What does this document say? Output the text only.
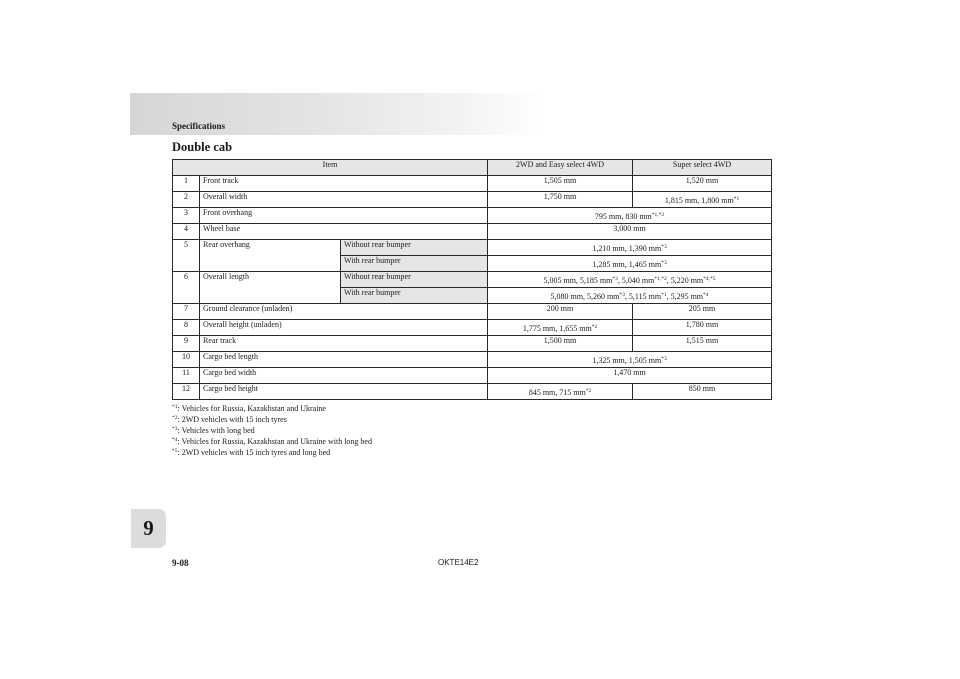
Specifications
Double cab
Item			2WD and Easy select 4WD	Super select 4WD
1	Front track		1,505 mm	1,520 mm
2	Overall width		1,750 mm	1,815 mm, 1,800 $mm^{*1}$
3	Front overhang		795 mm, 830 $mm^{*1,*2}$
4	Wheel base		3,000 mm	
5	Rear overhang	Without rear bumper	1,210 mm, 1,390 $mm^{*3}$
		With rear bumper	1,285 mm, 1,465 $mm^{*3}$
6	Overall length	Without rear bumper	5,005 mm, 5,185 $mm^{*3}$, 5,040 $mm^{*1,*2}$, 5,220 $mm^{*4,*5}$
		With rear bumper	5,080 mm, 5,260 $mm^{*3}$, 5,115 $mm^{*1}$, 5,295 $mm^{*4}$
7	Ground clearance (unladen)		200 mm	205 mm
8	Overall height (unladen)		1,775 mm, 1,655 $mm^{*2}$	1,780 mm
9	Rear track		1,500 mm	1,515 mm
10	Cargo bed length		1,325 mm, 1,505 $mm^{*3}$
11	Cargo bed width		1,470 mm	
12	Cargo bed height		845 mm, 715 $mm^{*2}$	850 mm
$^{*1}$: Vehicles for Russia, Kazakhstan and Ukraine
$^{*2}$: 2WD vehicles with 15 inch tyres
$^{*3}$: Vehicles with long bed
$^{*4}$: Vehicles for Russia, Kazakhstan and Ukraine with long bed
$^{*5}$: 2WD vehicles with 15 inch tyres and long bed
9
9-08	OKTE14E2
